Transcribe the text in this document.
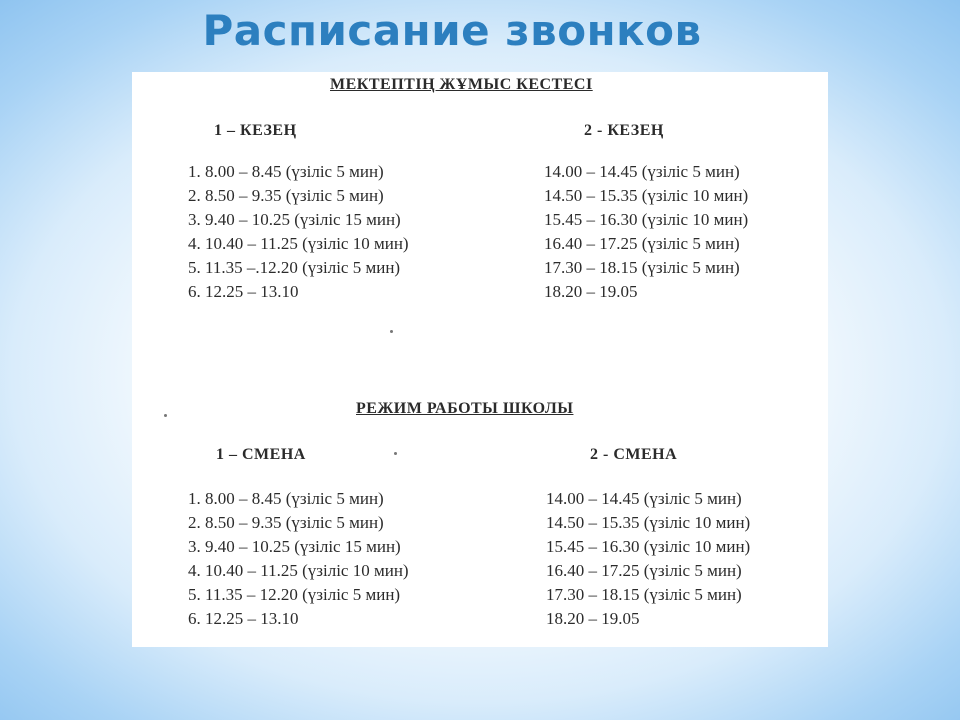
Расписание звонков
МЕКТЕПТІҢ ЖҰМЫС КЕСТЕСІ
1 – КЕЗЕҢ	2 - КЕЗЕҢ
1. 8.00 – 8.45 (үзіліс 5 мин)
2. 8.50 – 9.35 (үзіліс 5 мин)
3. 9.40 – 10.25 (үзіліс 15 мин)
4. 10.40 – 11.25 (үзіліс 10 мин)
5. 11.35 –.12.20 (үзіліс 5 мин)
6. 12.25 – 13.10
14.00 – 14.45 (үзіліс 5 мин)
14.50 – 15.35 (үзіліс 10 мин)
15.45 – 16.30 (үзіліс 10 мин)
16.40 – 17.25 (үзіліс 5 мин)
17.30 – 18.15 (үзіліс 5 мин)
18.20 – 19.05
РЕЖИМ РАБОТЫ ШКОЛЫ
1 – СМЕНА	2 - СМЕНА
1. 8.00 – 8.45 (үзіліс 5 мин)
2. 8.50 – 9.35 (үзіліс 5 мин)
3. 9.40 – 10.25 (үзіліс 15 мин)
4. 10.40 – 11.25 (үзіліс 10 мин)
5. 11.35 – 12.20 (үзіліс 5 мин)
6. 12.25 – 13.10
14.00 – 14.45 (үзіліс 5 мин)
14.50 – 15.35 (үзіліс 10 мин)
15.45 – 16.30 (үзіліс 10 мин)
16.40 – 17.25 (үзіліс 5 мин)
17.30 – 18.15 (үзіліс 5 мин)
18.20 – 19.05
